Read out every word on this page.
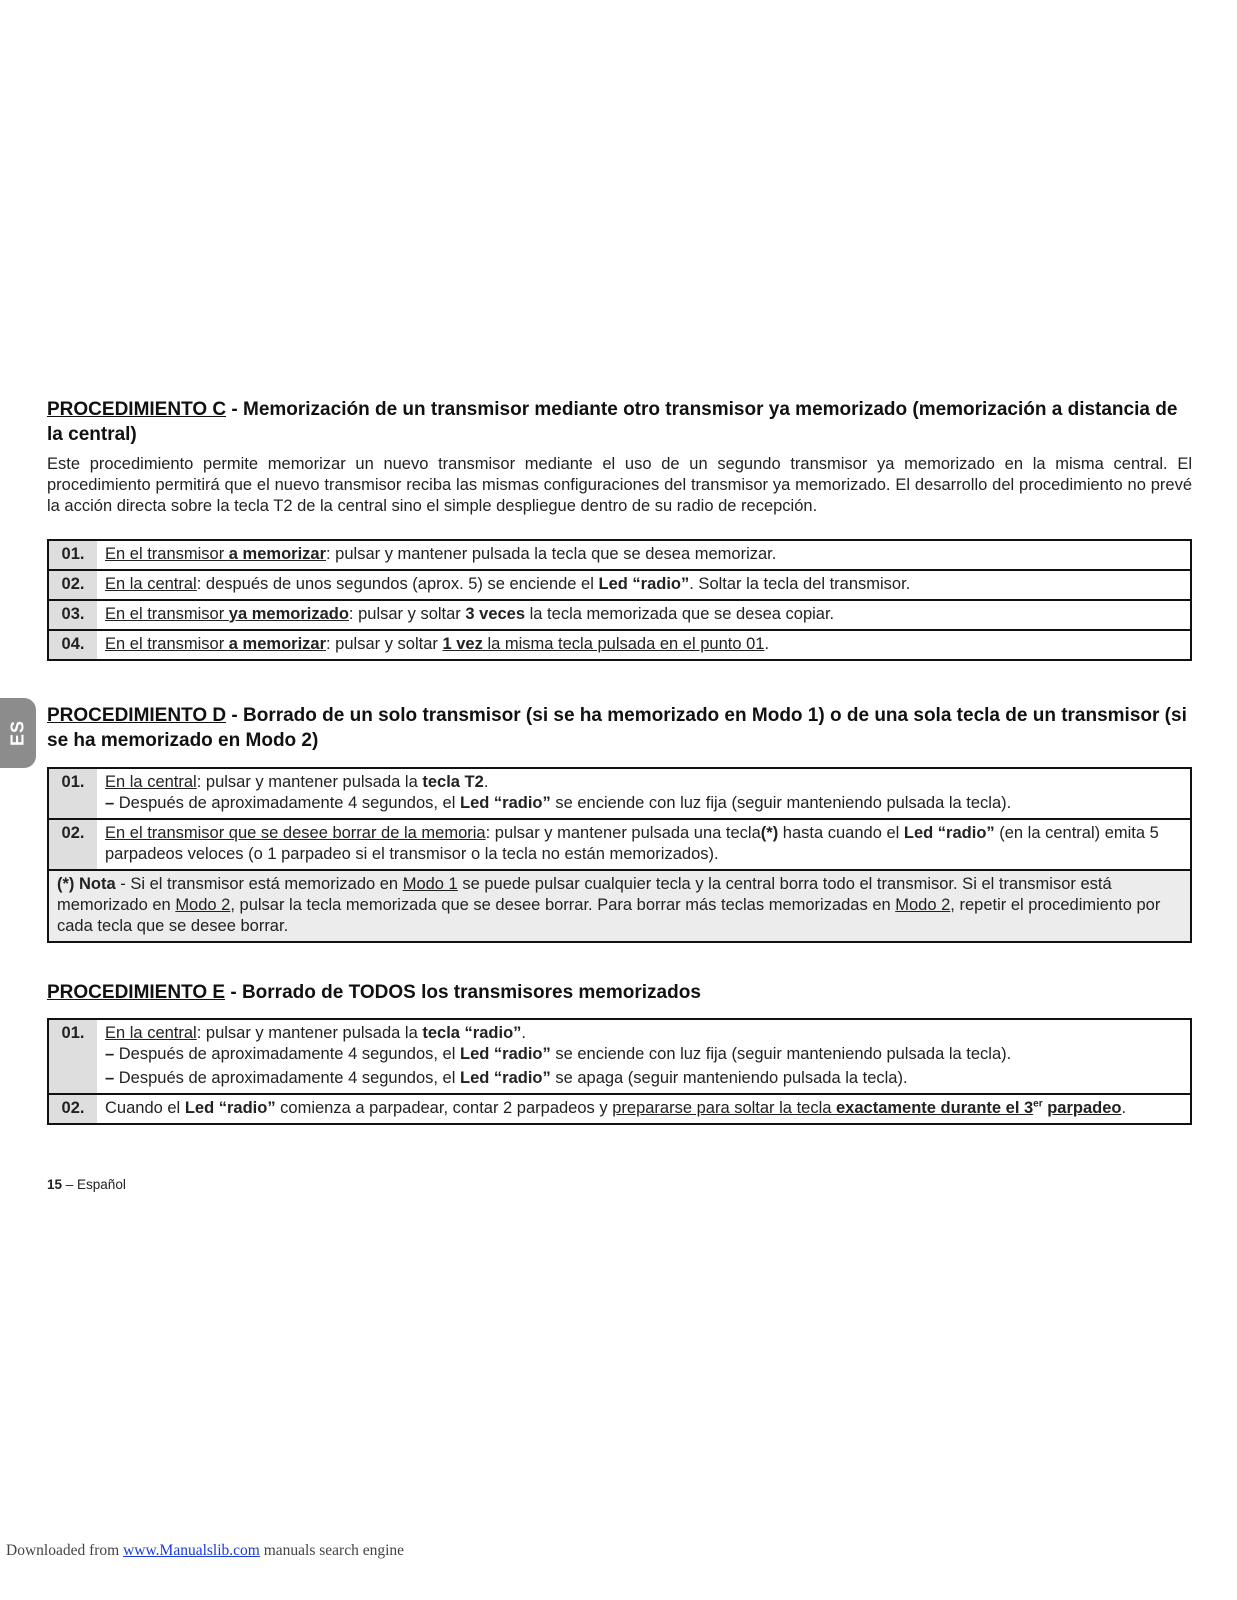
ES
PROCEDIMIENTO C - Memorización de un transmisor mediante otro transmisor ya memorizado (memorización a distancia de la central)

Este procedimiento permite memorizar un nuevo transmisor mediante el uso de un segundo transmisor ya memorizado en la misma central. El procedimiento permitirá que el nuevo transmisor reciba las mismas configuraciones del transmisor ya memorizado. El desarrollo del procedimiento no prevé la acción directa sobre la tecla T2 de la central sino el simple despliegue dentro de su radio de recepción.

01.	En el transmisor a memorizar: pulsar y mantener pulsada la tecla que se desea memorizar.
02.	En la central: después de unos segundos (aprox. 5) se enciende el Led “radio”. Soltar la tecla del transmisor.
03.	En el transmisor ya memorizado: pulsar y soltar 3 veces la tecla memorizada que se desea copiar.
04.	En el transmisor a memorizar: pulsar y soltar 1 vez la misma tecla pulsada en el punto 01.
PROCEDIMIENTO D - Borrado de un solo transmisor (si se ha memorizado en Modo 1) o de una sola tecla de un transmisor (si se ha memorizado en Modo 2)
01.	En la central: pulsar y mantener pulsada la tecla T2.
– Después de aproximadamente 4 segundos, el Led “radio” se enciende con luz fija (seguir manteniendo pulsada la tecla).

02.	En el transmisor que se desee borrar de la memoria: pulsar y mantener pulsada una tecla(*) hasta cuando el Led “radio” (en la central) emita 5 parpadeos veloces (o 1 parpadeo si el transmisor o la tecla no están memorizados).
(*) Nota - Si el transmisor está memorizado en Modo 1 se puede pulsar cualquier tecla y la central borra todo el transmisor. Si el transmisor está memorizado en Modo 2, pulsar la tecla memorizada que se desee borrar. Para borrar más teclas memorizadas en Modo 2, repetir el procedimiento por cada tecla que se desee borrar.	
PROCEDIMIENTO E - Borrado de TODOS los transmisores memorizados
01.	En la central: pulsar y mantener pulsada la tecla “radio”.
– Después de aproximadamente 4 segundos, el Led “radio” se enciende con luz fija (seguir manteniendo pulsada la tecla).
– Después de aproximadamente 4 segundos, el Led “radio” se apaga (seguir manteniendo pulsada la tecla).

02.	Cuando el Led “radio” comienza a parpadear, contar 2 parpadeos y prepararse para soltar la tecla exactamente durante el 3er parpadeo.
15 – Español
Downloaded from www.Manualslib.com manuals search engine
